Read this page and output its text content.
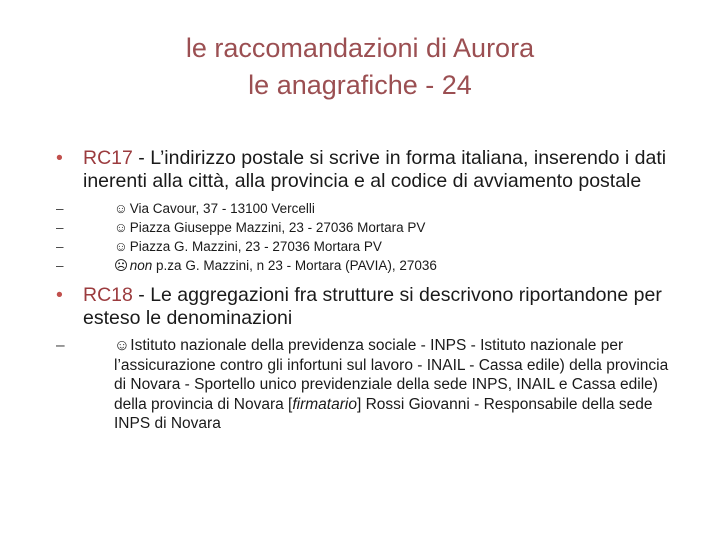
le raccomandazioni di Aurora
le anagrafiche - 24
• RC17 - L’indirizzo postale si scrive in forma italiana, inserendo i dati inerenti alla città, alla provincia e al codice di avviamento postale
–	☺ Via Cavour, 37 - 13100 Vercelli
–	☺ Piazza Giuseppe Mazzini, 23 - 27036 Mortara PV
–	☺ Piazza G. Mazzini, 23 - 27036 Mortara PV
–	☹ non p.za G. Mazzini, n 23 - Mortara (PAVIA), 27036
• RC18 - Le aggregazioni fra strutture si descrivono riportandone per esteso le denominazioni
–	☺ Istituto nazionale della previdenza sociale - INPS - Istituto nazionale per l’assicurazione contro gli infortuni sul lavoro - INAIL - Cassa edile) della provincia di Novara - Sportello unico previdenziale della sede INPS, INAIL e Cassa edile) della provincia di Novara [firmatario] Rossi Giovanni - Responsabile della sede INPS di Novara
